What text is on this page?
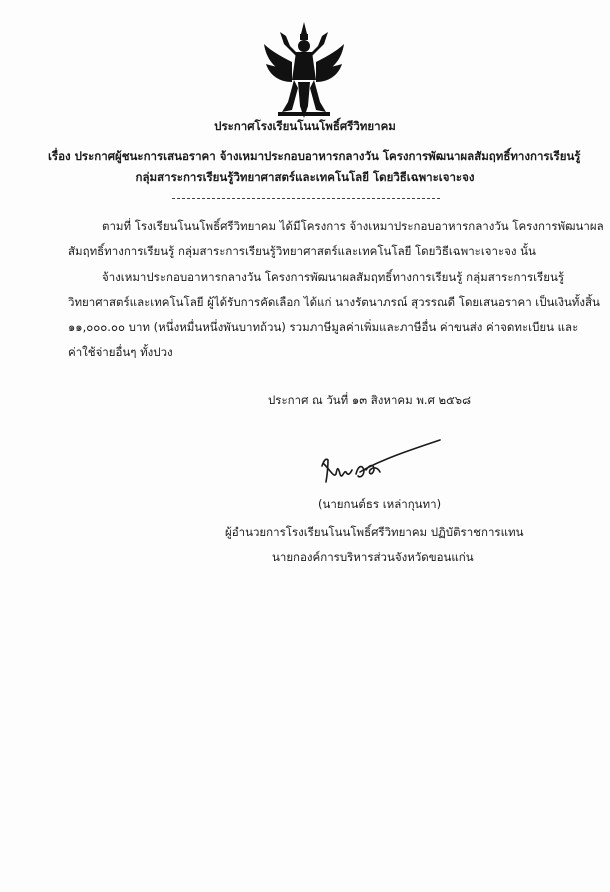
ประกาศโรงเรียนโนนโพธิ์ศรีวิทยาคม
เรื่อง ประกาศผู้ชนะการเสนอราคา จ้างเหมาประกอบอาหารกลางวัน โครงการพัฒนาผลสัมฤทธิ์ทางการเรียนรู้
กลุ่มสาระการเรียนรู้วิทยาศาสตร์และเทคโนโลยี โดยวิธีเฉพาะเจาะจง
ตามที่ โรงเรียนโนนโพธิ์ศรีวิทยาคม ได้มีโครงการ จ้างเหมาประกอบอาหารกลางวัน โครงการพัฒนาผล
สัมฤทธิ์ทางการเรียนรู้ กลุ่มสาระการเรียนรู้วิทยาศาสตร์และเทคโนโลยี โดยวิธีเฉพาะเจาะจง นั้น
จ้างเหมาประกอบอาหารกลางวัน โครงการพัฒนาผลสัมฤทธิ์ทางการเรียนรู้ กลุ่มสาระการเรียนรู้
วิทยาศาสตร์และเทคโนโลยี ผู้ได้รับการคัดเลือก ได้แก่ นางรัตนาภรณ์ สุวรรณดี โดยเสนอราคา เป็นเงินทั้งสิ้น
๑๑,๐๐๐.๐๐ บาท (หนึ่งหมื่นหนึ่งพันบาทถ้วน) รวมภาษีมูลค่าเพิ่มและภาษีอื่น ค่าขนส่ง ค่าจดทะเบียน และ
ค่าใช้จ่ายอื่นๆ ทั้งปวง
ประกาศ ณ วันที่ ๑๓ สิงหาคม พ.ศ ๒๕๖๘
(นายกนต์ธร เหล่ากุนทา)
ผู้อำนวยการโรงเรียนโนนโพธิ์ศรีวิทยาคม ปฏิบัติราชการแทน
นายกองค์การบริหารส่วนจังหวัดขอนแก่น
